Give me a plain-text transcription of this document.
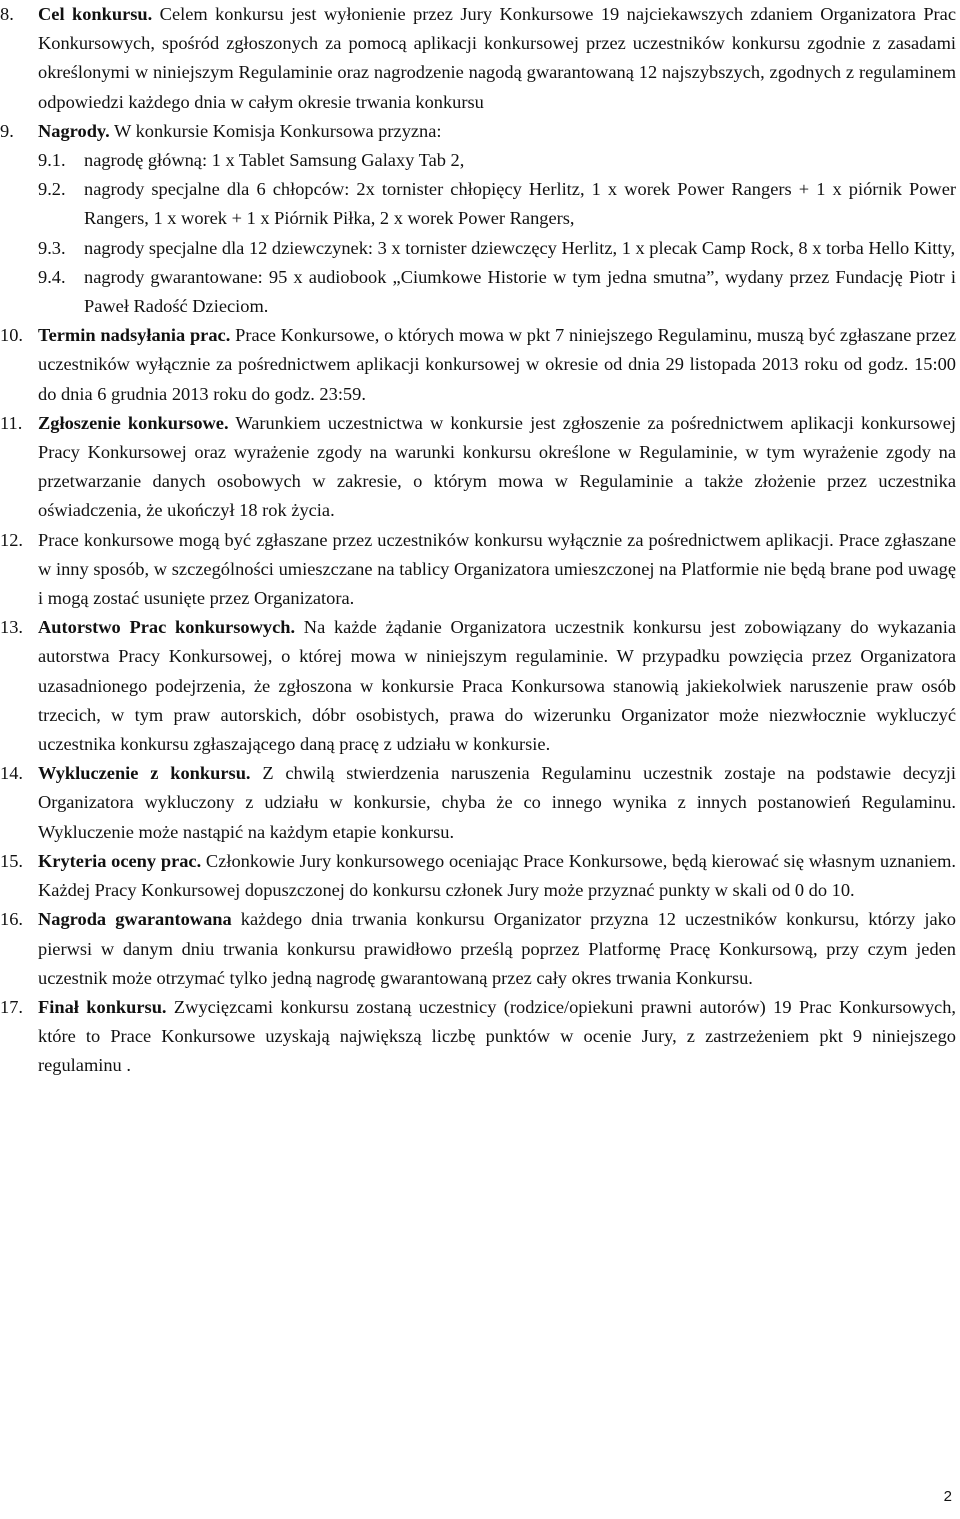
8. Cel konkursu. Celem konkursu jest wyłonienie przez Jury Konkursowe 19 najciekawszych zdaniem Organizatora Prac Konkursowych, spośród zgłoszonych za pomocą aplikacji konkursowej przez uczestników konkursu zgodnie z zasadami określonymi w niniejszym Regulaminie oraz nagrodzenie nagodą gwarantowaną 12 najszybszych, zgodnych z regulaminem odpowiedzi każdego dnia w całym okresie trwania konkursu
9. Nagrody. W konkursie Komisja Konkursowa przyzna:
9.1. nagrodę główną: 1 x Tablet Samsung Galaxy Tab 2,
9.2. nagrody specjalne dla 6 chłopców: 2x tornister chłopięcy Herlitz, 1 x worek Power Rangers + 1 x piórnik Power Rangers, 1 x worek + 1 x Piórnik Piłka, 2 x worek Power Rangers,
9.3. nagrody specjalne dla 12 dziewczynek: 3 x tornister dziewczęcy Herlitz, 1 x plecak Camp Rock, 8 x torba Hello Kitty,
9.4. nagrody gwarantowane: 95 x audiobook „Ciumkowe Historie w tym jedna smutna”, wydany przez Fundację Piotr i Paweł Radość Dzieciom.
10. Termin nadsyłania prac. Prace Konkursowe, o których mowa w pkt 7 niniejszego Regulaminu, muszą być zgłaszane przez uczestników wyłącznie za pośrednictwem aplikacji konkursowej w okresie od dnia 29 listopada 2013 roku od godz. 15:00 do dnia 6 grudnia 2013 roku do godz. 23:59.
11. Zgłoszenie konkursowe. Warunkiem uczestnictwa w konkursie jest zgłoszenie za pośrednictwem aplikacji konkursowej Pracy Konkursowej oraz wyrażenie zgody na warunki konkursu określone w Regulaminie, w tym wyrażenie zgody na przetwarzanie danych osobowych w zakresie, o którym mowa w Regulaminie a także złożenie przez uczestnika oświadczenia, że ukończył 18 rok życia.
12. Prace konkursowe mogą być zgłaszane przez uczestników konkursu wyłącznie za pośrednictwem aplikacji. Prace zgłaszane w inny sposób, w szczególności umieszczane na tablicy Organizatora umieszczonej na Platformie nie będą brane pod uwagę i mogą zostać usunięte przez Organizatora.
13. Autorstwo Prac konkursowych. Na każde żądanie Organizatora uczestnik konkursu jest zobowiązany do wykazania autorstwa Pracy Konkursowej, o której mowa w niniejszym regulaminie. W przypadku powzięcia przez Organizatora uzasadnionego podejrzenia, że zgłoszona w konkursie Praca Konkursowa stanowią jakiekolwiek naruszenie praw osób trzecich, w tym praw autorskich, dóbr osobistych, prawa do wizerunku Organizator może niezwłocznie wykluczyć uczestnika konkursu zgłaszającego daną pracę z udziału w konkursie.
14. Wykluczenie z konkursu. Z chwilą stwierdzenia naruszenia Regulaminu uczestnik zostaje na podstawie decyzji Organizatora wykluczony z udziału w konkursie, chyba że co innego wynika z innych postanowień Regulaminu. Wykluczenie może nastąpić na każdym etapie konkursu.
15. Kryteria oceny prac. Członkowie Jury konkursowego oceniając Prace Konkursowe, będą kierować się własnym uznaniem. Każdej Pracy Konkursowej dopuszczonej do konkursu członek Jury może przyznać punkty w skali od 0 do 10.
16. Nagroda gwarantowana każdego dnia trwania konkursu Organizator przyzna 12 uczestników konkursu, którzy jako pierwsi w danym dniu trwania konkursu prawidłowo prześlą poprzez Platformę Pracę Konkursową, przy czym jeden uczestnik może otrzymać tylko jedną nagrodę gwarantowaną przez cały okres trwania Konkursu.
17. Finał konkursu. Zwycięzcami konkursu zostaną uczestnicy (rodzice/opiekuni prawni autorów) 19 Prac Konkursowych, które to Prace Konkursowe uzyskają największą liczbę punktów w ocenie Jury, z zastrzeżeniem pkt 9 niniejszego regulaminu .
2
